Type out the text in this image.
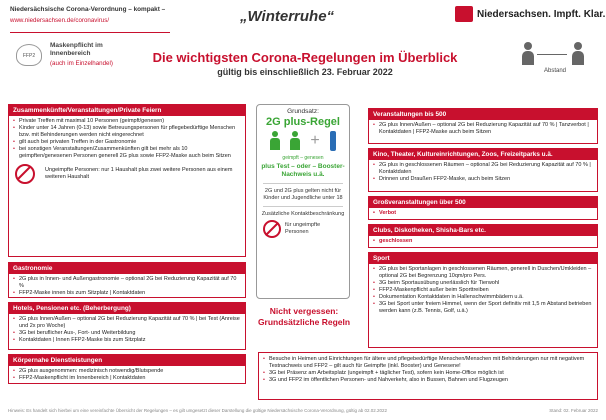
Niedersächsische Corona-Verordnung – kompakt –
www.niedersachsen.de/coronavirus/	„Winterruhe“	Niedersachsen. Impft. Klar.
FFP2
Maskenpflicht im Innenbereich
(auch im Einzelhandel)	Die wichtigsten Corona-Regelungen im Überblick
gültig bis einschließlich 23. Februar 2022	Abstand
Zusammenkünfte/Veranstaltungen/Private Feiern
• Private Treffen mit maximal 10 Personen (geimpft/genesen)
• Kinder unter 14 Jahren (0-13) sowie Betreuungspersonen für pflegebedürftige Menschen bzw. mit Behinderungen werden nicht eingerechnet
• gilt auch bei privaten Treffen in der Gastronomie
• bei sonstigen Veranstaltungen/Zusammenkünften gilt bei mehr als 10 geimpften/genesenen Personen generell 2G plus sowie FFP2-Maske auch beim Sitzen

Ungeimpfte Personen: nur 1 Haushalt plus zwei weitere Personen aus einem weiteren Haushalt

Gastronomie
• 2G plus in Innen- und Außengastronomie – optional 2G bei Reduzierung Kapazität auf 70 %
• FFP2-Maske innen bis zum Sitzplatz | Kontaktdaten
Hotels, Pensionen etc. (Beherbergung)
• 2G plus Innen/Außen – optional 2G bei Reduzierung Kapazität auf 70 % | bei Test (Anreise und 2x pro Woche)
• 3G bei beruflicher Aus-, Fort- und Weiterbildung
• Kontaktdaten | Innen FFP2-Maske bis zum Sitzplatz
Körpernahe Dienstleistungen
• 2G plus ausgenommen: medizinisch notwendig/Blutspende
• FFP2-Maskenpflicht im Innenbereich | Kontaktdaten
Grundsatz:
2G plus-Regel
+
geimpft – genesen
plus Test – oder – Booster-Nachweis u.ä.
2G und 2G plus gelten nicht für Kinder und Jugendliche unter 18
Zusätzliche Kontaktbeschränkung
für ungeimpfte Personen
Nicht vergessen: Grundsätzliche Regeln
Veranstaltungen bis 500
• 2G plus Innen/Außen – optional 2G bei Reduzierung Kapazität auf 70 % | Tanzverbot | Kontaktdaten | FFP2-Maske auch beim Sitzen
Kino, Theater, Kultureinrichtungen, Zoos, Freizeitparks u.ä.
• 2G plus in geschlossenen Räumen – optional 2G bei Reduzierung Kapazität auf 70 % | Kontaktdaten
• Drinnen und Draußen FFP2-Maske, auch beim Sitzen
Großveranstaltungen über 500
• Verbot
Clubs, Diskotheken, Shisha-Bars etc.
• geschlossen
Sport
• 2G plus bei Sportanlagen in geschlossenen Räumen, generell in Duschen/Umkleiden – optional 2G bei Begrenzung 10qm/pro Pers.
• 3G beim Sportausübung unerlässlich für Tierwohl
• FFP2-Maskenpflicht außer beim Sporttreiben
• Dokumentation Kontaktdaten in Hallenschwimmbädern u.ä.
• 3G bei Sport unter freiem Himmel, wenn der Sport definitiv mit 1,5 m Abstand betrieben werden kann (z.B. Tennis, Golf, u.ä.)
• Besuche in Heimen und Einrichtungen für ältere und pflegebedürftige Menschen/Menschen mit Behinderungen nur mit negativem Testnachweis und FFP2 – gilt auch für Geimpfte (inkl. Booster) und Genesene!
• 3G bei Präsenz am Arbeitsplatz (ungeimpft + täglicher Test), sofern kein Home-Office möglich ist
• 3G und FFP2 im öffentlichen Personen- und Nahverkehr, also in Bussen, Bahnen und Flugzeugen
Hinweis: Es handelt sich hierbei um eine vereinfachte Übersicht der Regelungen – es gilt umgesetzt dieser Darstellung die gültige Niedersächsische Corona-Verordnung, gültig ab 02.02.2022	Stand: 02. Februar 2022
